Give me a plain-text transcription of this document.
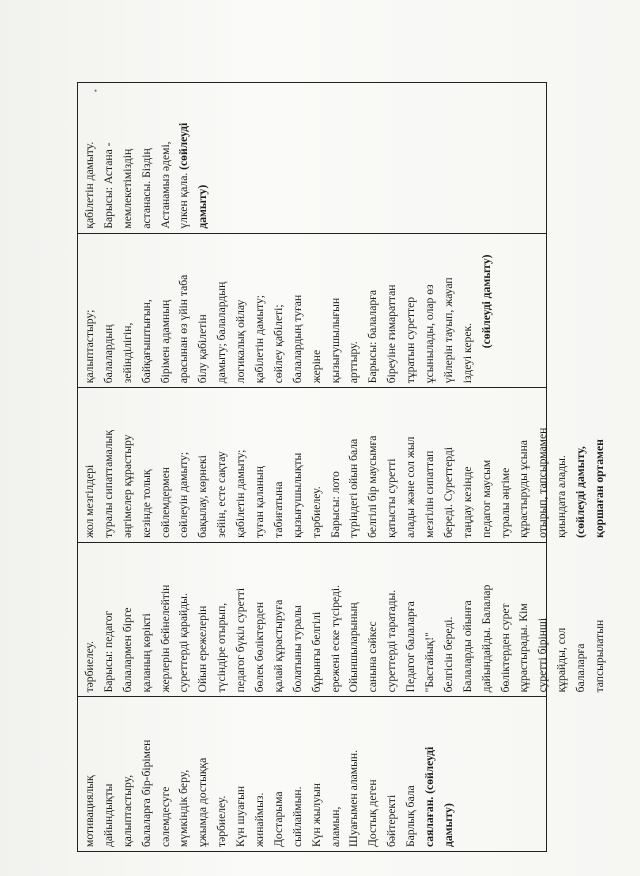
•
мотивациялық дайындықты қалыптастыру, балаларға бір-бірімен сәлемдесуге мүмкіндік беру, ұжымда достыққа тәрбиелеу. Күн шуағын жинаймыз. Достарыма сыйлаймын. Күн жылуын аламын, Шуағымен аламын. Достық деген бәйтеректі Барлық бала саялаған. (сөйлеуді дамыту)
тәрбиелеу. Барысы: педагог балалармен бірге қаланың көрікті жерлерін бейнелейтін суреттерді қарайды. Ойын ережелерін түсіндіре отырып, педагог бүкіл суретті бөлек бөліктерден қалай құрастыруға болатыны туралы бұрынғы белгілі ережені еске түсіреді. Ойыншыларының санына сәйкес суреттерді таратады. Педагог балаларға "Бастайық!" белгісін береді. Балаларды ойынға дайындайды. Балалар бөліктерден сурет құрастырады. Кім суретті бірінші құрайды, сол балаларға тапсырылатын
жол мезгілдері туралы сипаттамалық әңгімелер құрастыру кезінде толық сөйлемдермен сөйлеуін дамыту; бақылау, көрнекі зейін, есте сақтау қабілетін дамыту; туған қаланың табиғатына қызығушылықты тәрбиелеу. Барысы: лото түріндегі ойын бала белгілі бір маусымға қатысты суретті алады және сол жыл мезгілін сипаттап береді. Суреттерді таңдау кезінде педагог маусым туралы әңгіме құрастыруды ұсына отырып, тапсырмамен қиындата алады. (сөйлеуді дамыту, қоршаған ортамен
қалыптастыру; балалардың зейінділігін, байқағыштығын, бірімен адамның арасынан өз үйін таба білу қабілетін дамыту; балалардың логикалық ойлау қабілетін дамыту; сөйлеу қабілеті; балалардың туған жеріне қызығушылығын арттыру. Барысы: балаларға біреуіне ғимараттан тұратын суреттер ұсынылады, олар өз үйлерін тауып, жауап іздеуі керек.
(сөйлеуді дамыту)
қабілетін дамыту. Барысы: Астана - мемлекетіміздің астанасы. Біздің Астанамыз әдемі, үлкен қала. (сөйлеуді
дамыту)
